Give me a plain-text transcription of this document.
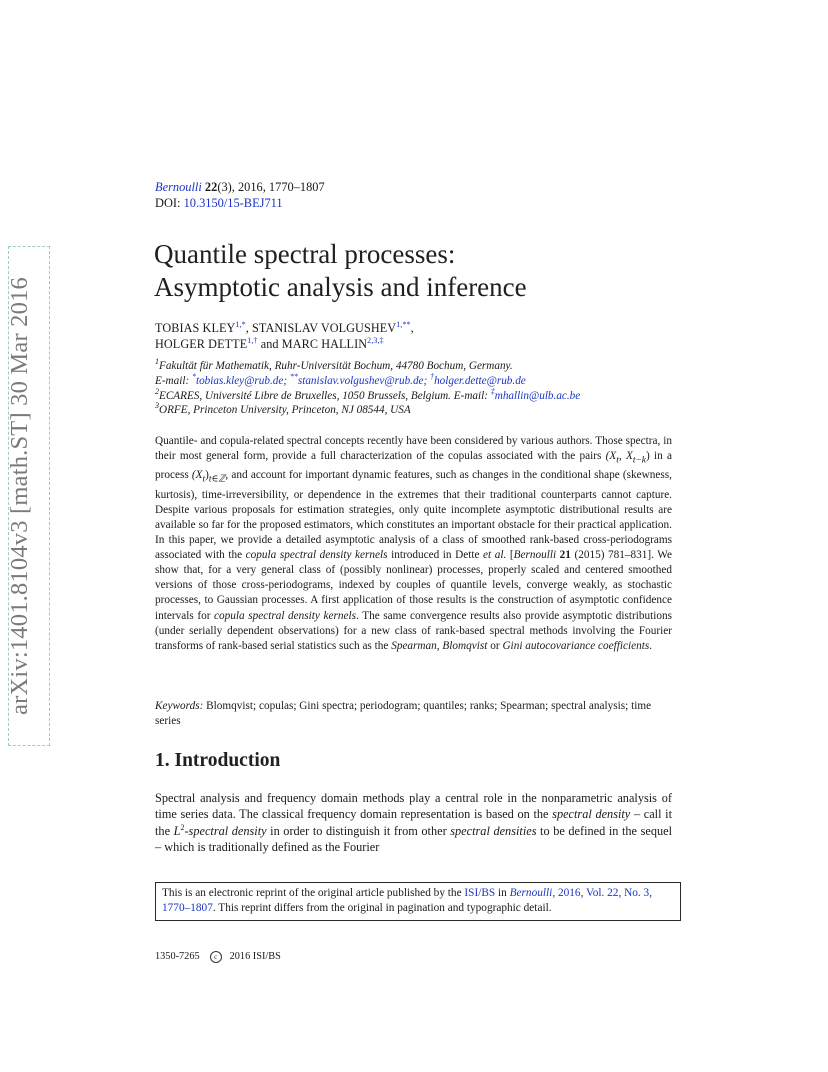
arXiv:1401.8104v3 [math.ST] 30 Mar 2016
Bernoulli 22(3), 2016, 1770–1807
DOI: 10.3150/15-BEJ711
Quantile spectral processes:
Asymptotic analysis and inference
TOBIAS $KLEY^{1,*}$, STANISLAV $VOLGUSHEV^{1,**}$,
HOLGER $DETTE^{1,\dagger}$ and MARC $HALLIN^{2,3,\ddagger}$
$^1$Fakultät für Mathematik, Ruhr-Universität Bochum, 44780 Bochum, Germany.
E-mail: *tobias.kley@rub.de; **stanislav.volgushev@rub.de; †holger.dette@rub.de
$^2$ECARES, Université Libre de Bruxelles, 1050 Brussels, Belgium. E-mail: ‡mhallin@ulb.ac.be
$^3$ORFE, Princeton University, Princeton, NJ 08544, USA
Quantile- and copula-related spectral concepts recently have been considered by various authors. Those spectra, in their most general form, provide a full characterization of the copulas associated with the pairs ($X_t$, $X_{t-k}$) in a process $(X_t)_{t\in ℤ}$, and account for important dynamic features, such as changes in the conditional shape (skewness, kurtosis), time-irreversibility, or dependence in the extremes that their traditional counterparts cannot capture. Despite various proposals for estimation strategies, only quite incomplete asymptotic distributional results are available so far for the proposed estimators, which constitutes an important obstacle for their practical application. In this paper, we provide a detailed asymptotic analysis of a class of smoothed rank-based cross-periodograms associated with the copula spectral density kernels introduced in Dette et al. [Bernoulli 21 (2015) 781–831]. We show that, for a very general class of (possibly nonlinear) processes, properly scaled and centered smoothed versions of those cross-periodograms, indexed by couples of quantile levels, converge weakly, as stochastic processes, to Gaussian processes. A first application of those results is the construction of asymptotic confidence intervals for copula spectral density kernels. The same convergence results also provide asymptotic distributions (under serially dependent observations) for a new class of rank-based spectral methods involving the Fourier transforms of rank-based serial statistics such as the Spearman, Blomqvist or Gini autocovariance coefficients.
Keywords: Blomqvist; copulas; Gini spectra; periodogram; quantiles; ranks; Spearman; spectral analysis; time series
1. Introduction
Spectral analysis and frequency domain methods play a central role in the nonparametric analysis of time series data. The classical frequency domain representation is based on the spectral density – call it the $L^2$-spectral density in order to distinguish it from other spectral densities to be defined in the sequel – which is traditionally defined as the Fourier
This is an electronic reprint of the original article published by the ISI/BS in Bernoulli, 2016, Vol. 22, No. 3, 1770–1807. This reprint differs from the original in pagination and typographic detail.
1350-7265 c 2016 ISI/BS
